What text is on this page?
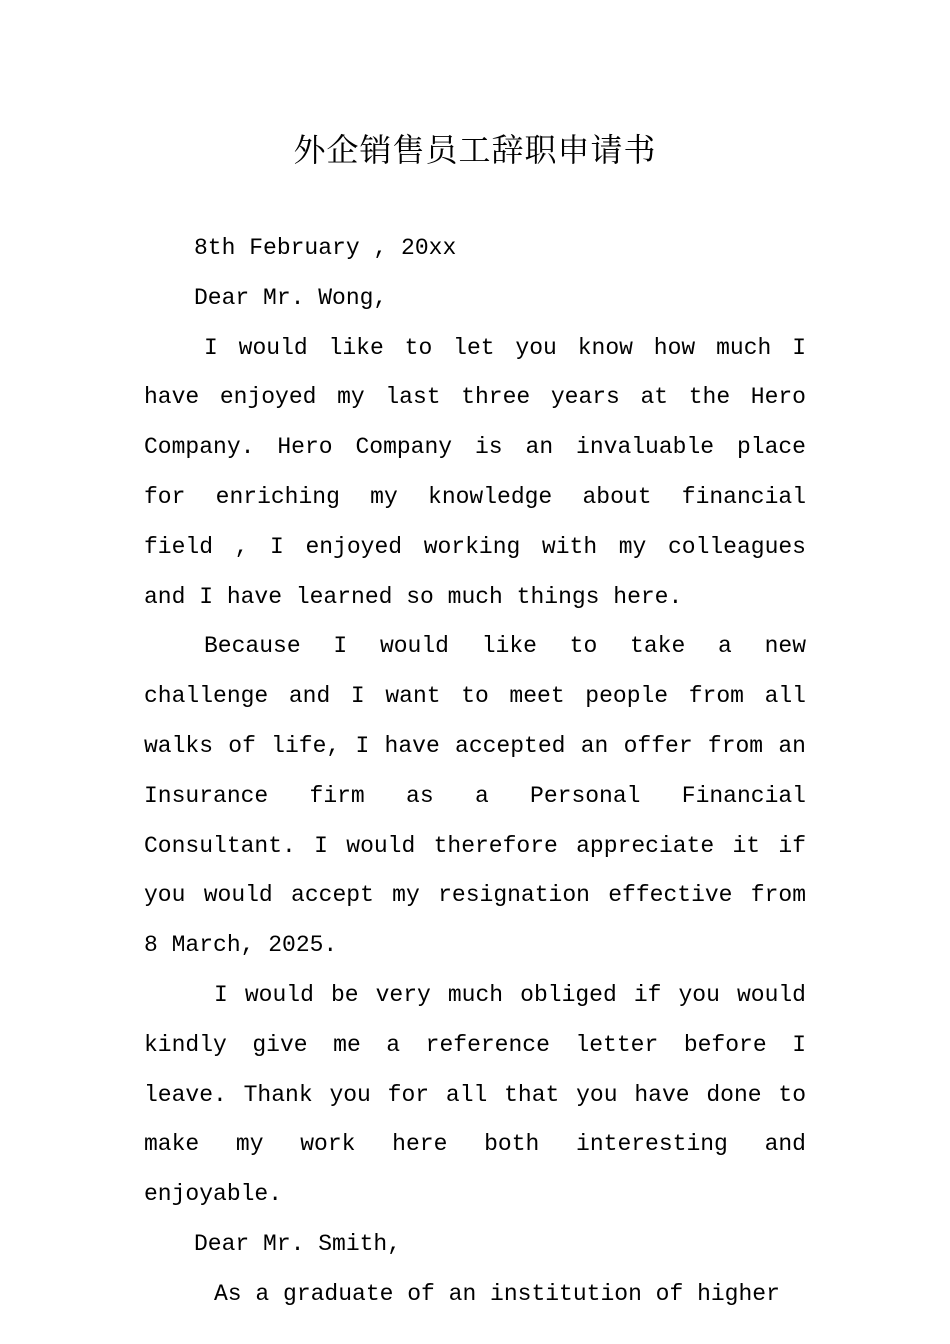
外企销售员工辞职申请书

8th February , 20xx

Dear Mr. Wong,

I would like to let you know how much I have enjoyed my last three years at the Hero Company. Hero Company is an invaluable place for enriching my knowledge about financial field , I enjoyed working with my colleagues and I have learned so much things here.

Because I would like to take a new challenge and I want to meet people from all walks of life, I have accepted an offer from an Insurance firm as a Personal Financial Consultant. I would therefore appreciate it if you would accept my resignation effective from 8 March, 2025.

I would be very much obliged if you would kindly give me a reference letter before I leave. Thank you for all that you have done to make my work here both interesting and enjoyable.

Dear Mr. Smith,

As a graduate of an institution of higher
